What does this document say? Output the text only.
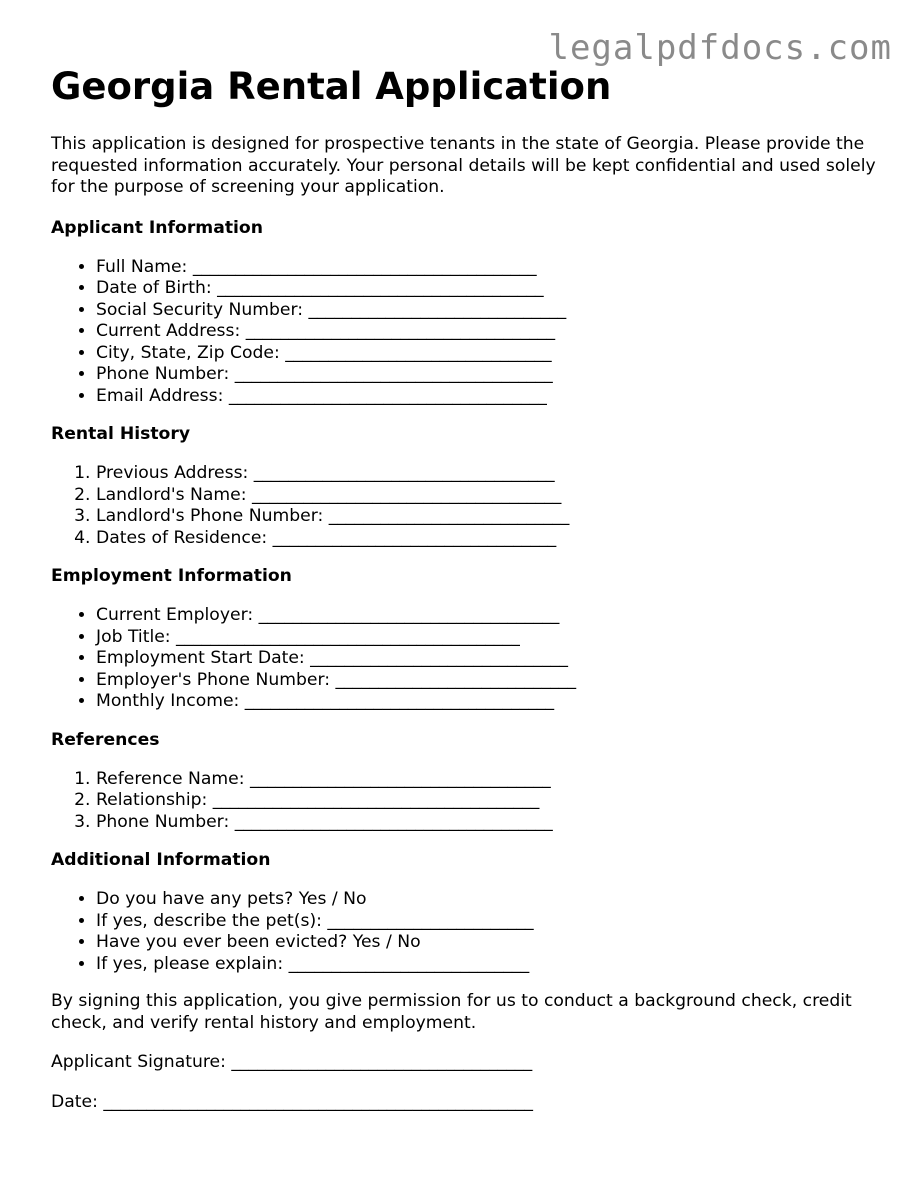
legalpdfdocs.com
Georgia Rental Application

This application is designed for prospective tenants in the state of Georgia. Please provide the requested information accurately. Your personal details will be kept confidential and used solely for the purpose of screening your application.

Applicant Information
• Full Name: ________________________________________
• Date of Birth: ______________________________________
• Social Security Number: ______________________________
• Current Address: ____________________________________
• City, State, Zip Code: _______________________________
• Phone Number: _____________________________________
• Email Address: _____________________________________
Rental History
1. Previous Address: ___________________________________
2. Landlord's Name: ____________________________________
3. Landlord's Phone Number: ____________________________
4. Dates of Residence: _________________________________
Employment Information
• Current Employer: ___________________________________
• Job Title: ________________________________________
• Employment Start Date: ______________________________
• Employer's Phone Number: ____________________________
• Monthly Income: ____________________________________
References
1. Reference Name: ___________________________________
2. Relationship: ______________________________________
3. Phone Number: _____________________________________
Additional Information
• Do you have any pets? Yes / No
• If yes, describe the pet(s): ________________________
• Have you ever been evicted? Yes / No
• If yes, please explain: ____________________________

By signing this application, you give permission for us to conduct a background check, credit check, and verify rental history and employment.

Applicant Signature: ___________________________________

Date: __________________________________________________
